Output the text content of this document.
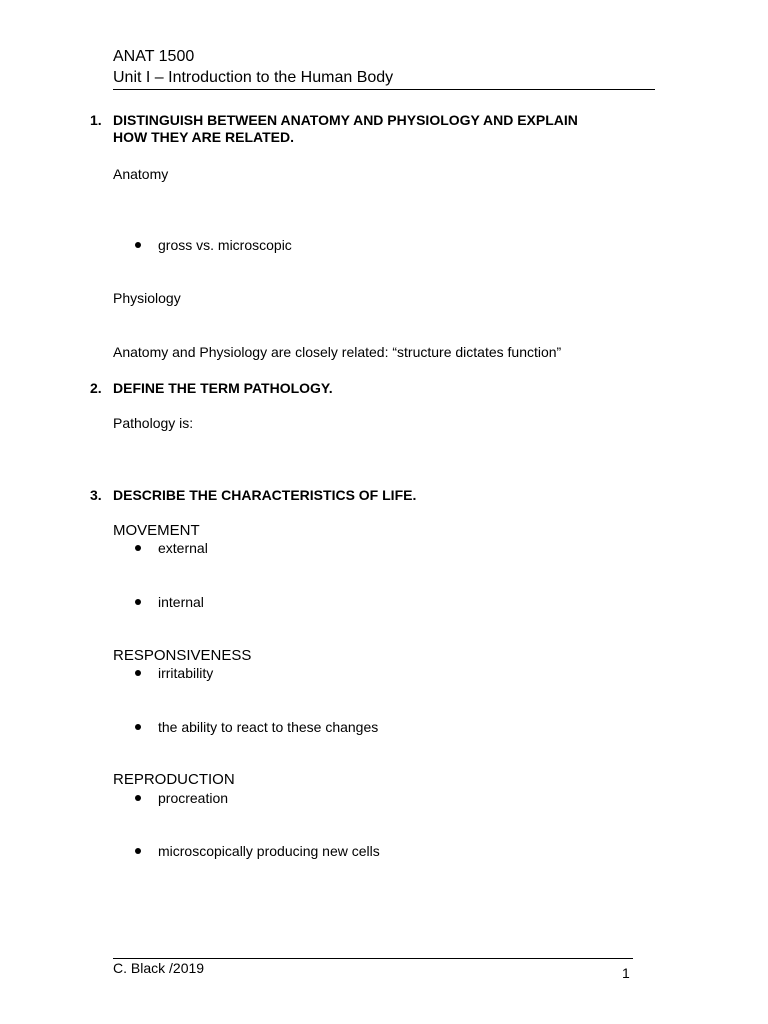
ANAT 1500
Unit I – Introduction to the Human Body
1. DISTINGUISH BETWEEN ANATOMY AND PHYSIOLOGY AND EXPLAIN
HOW THEY ARE RELATED.
Anatomy
gross vs. microscopic
Physiology
Anatomy and Physiology are closely related: “structure dictates function”
2. DEFINE THE TERM PATHOLOGY.
Pathology is:
3. DESCRIBE THE CHARACTERISTICS OF LIFE.
MOVEMENT
external
internal
RESPONSIVENESS
irritability
the ability to react to these changes
REPRODUCTION
procreation
microscopically producing new cells
C. Black /2019	1
